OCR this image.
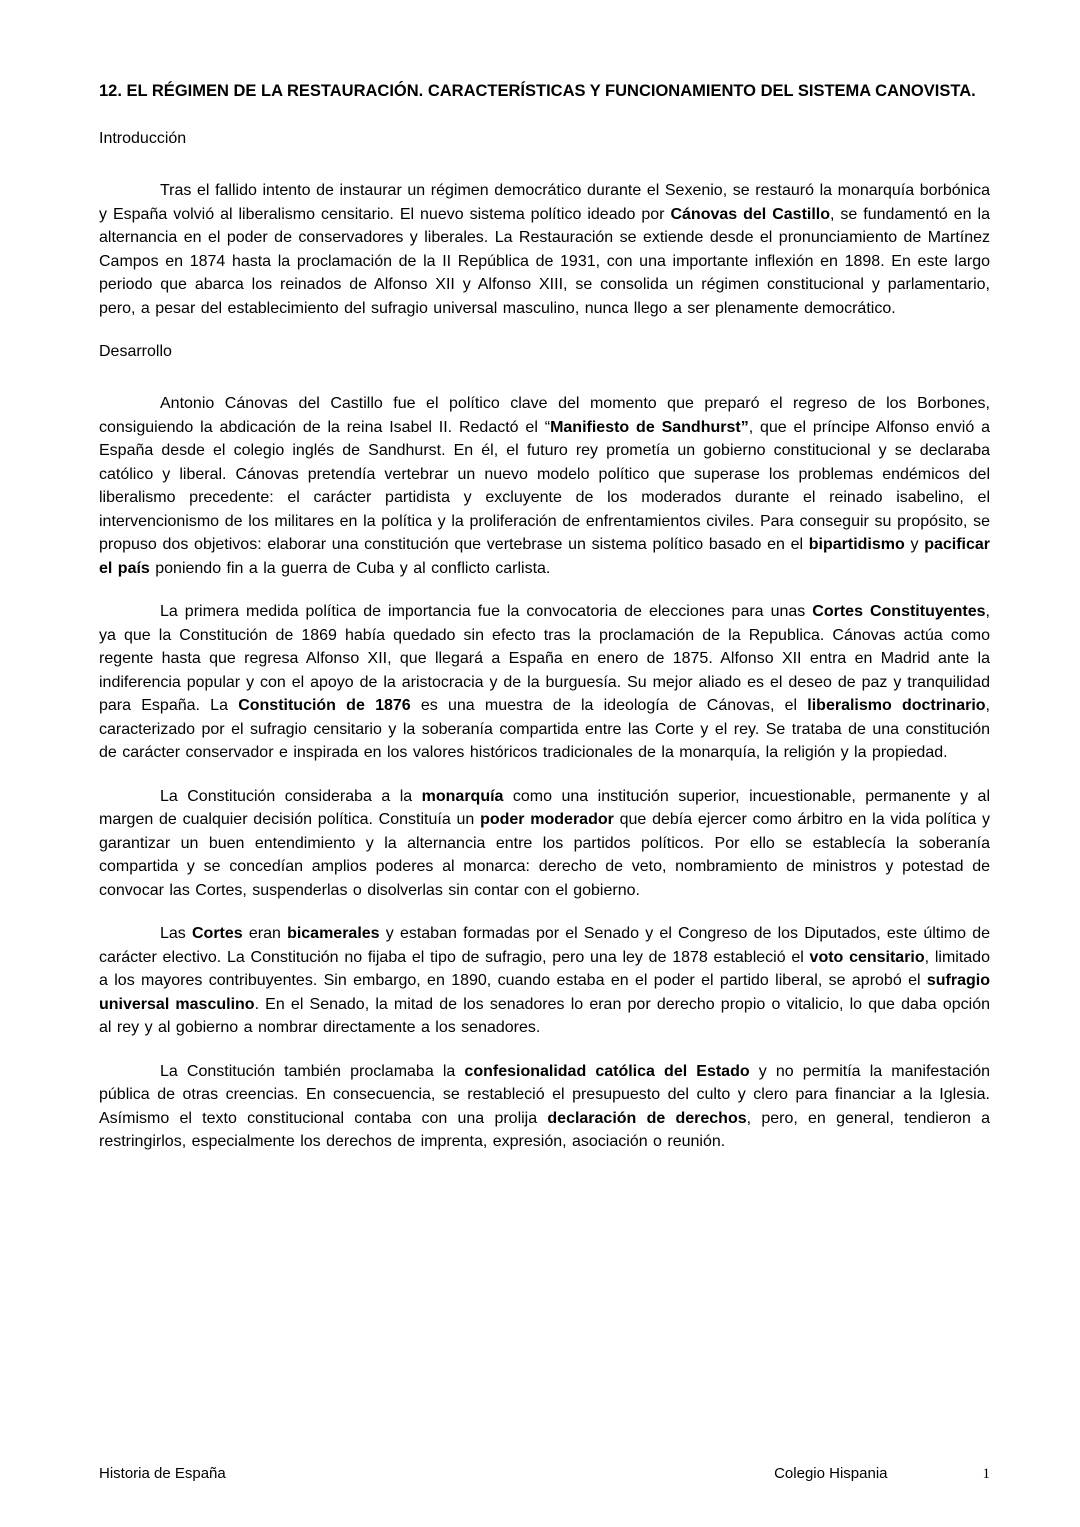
12. EL RÉGIMEN DE LA RESTAURACIÓN. CARACTERÍSTICAS Y FUNCIONAMIENTO DEL SISTEMA CANOVISTA.
Introducción

Tras el fallido intento de instaurar un régimen democrático durante el Sexenio, se restauró la monarquía borbónica y España volvió al liberalismo censitario. El nuevo sistema político ideado por Cánovas del Castillo, se fundamentó en la alternancia en el poder de conservadores y liberales. La Restauración se extiende desde el pronunciamiento de Martínez Campos en 1874 hasta la proclamación de la II República de 1931, con una importante inflexión en 1898. En este largo periodo que abarca los reinados de Alfonso XII y Alfonso XIII, se consolida un régimen constitucional y parlamentario, pero, a pesar del establecimiento del sufragio universal masculino, nunca llego a ser plenamente democrático.

Desarrollo

Antonio Cánovas del Castillo fue el político clave del momento que preparó el regreso de los Borbones, consiguiendo la abdicación de la reina Isabel II. Redactó el “Manifiesto de Sandhurst”, que el príncipe Alfonso envió a España desde el colegio inglés de Sandhurst. En él, el futuro rey prometía un gobierno constitucional y se declaraba católico y liberal. Cánovas pretendía vertebrar un nuevo modelo político que superase los problemas endémicos del liberalismo precedente: el carácter partidista y excluyente de los moderados durante el reinado isabelino, el intervencionismo de los militares en la política y la proliferación de enfrentamientos civiles. Para conseguir su propósito, se propuso dos objetivos: elaborar una constitución que vertebrase un sistema político basado en el bipartidismo y pacificar el país poniendo fin a la guerra de Cuba y al conflicto carlista.

La primera medida política de importancia fue la convocatoria de elecciones para unas Cortes Constituyentes, ya que la Constitución de 1869 había quedado sin efecto tras la proclamación de la Republica. Cánovas actúa como regente hasta que regresa Alfonso XII, que llegará a España en enero de 1875. Alfonso XII entra en Madrid ante la indiferencia popular y con el apoyo de la aristocracia y de la burguesía. Su mejor aliado es el deseo de paz y tranquilidad para España. La Constitución de 1876 es una muestra de la ideología de Cánovas, el liberalismo doctrinario, caracterizado por el sufragio censitario y la soberanía compartida entre las Corte y el rey. Se trataba de una constitución de carácter conservador e inspirada en los valores históricos tradicionales de la monarquía, la religión y la propiedad.

La Constitución consideraba a la monarquía como una institución superior, incuestionable, permanente y al margen de cualquier decisión política. Constituía un poder moderador que debía ejercer como árbitro en la vida política y garantizar un buen entendimiento y la alternancia entre los partidos políticos. Por ello se establecía la soberanía compartida y se concedían amplios poderes al monarca: derecho de veto, nombramiento de ministros y potestad de convocar las Cortes, suspenderlas o disolverlas sin contar con el gobierno.

Las Cortes eran bicamerales y estaban formadas por el Senado y el Congreso de los Diputados, este último de carácter electivo. La Constitución no fijaba el tipo de sufragio, pero una ley de 1878 estableció el voto censitario, limitado a los mayores contribuyentes. Sin embargo, en 1890, cuando estaba en el poder el partido liberal, se aprobó el sufragio universal masculino. En el Senado, la mitad de los senadores lo eran por derecho propio o vitalicio, lo que daba opción al rey y al gobierno a nombrar directamente a los senadores.

La Constitución también proclamaba la confesionalidad católica del Estado y no permitía la manifestación pública de otras creencias. En consecuencia, se restableció el presupuesto del culto y clero para financiar a la Iglesia. Asímismo el texto constitucional contaba con una prolija declaración de derechos, pero, en general, tendieron a restringirlos, especialmente los derechos de imprenta, expresión, asociación o reunión.

Historia de España	Colegio Hispania	1
